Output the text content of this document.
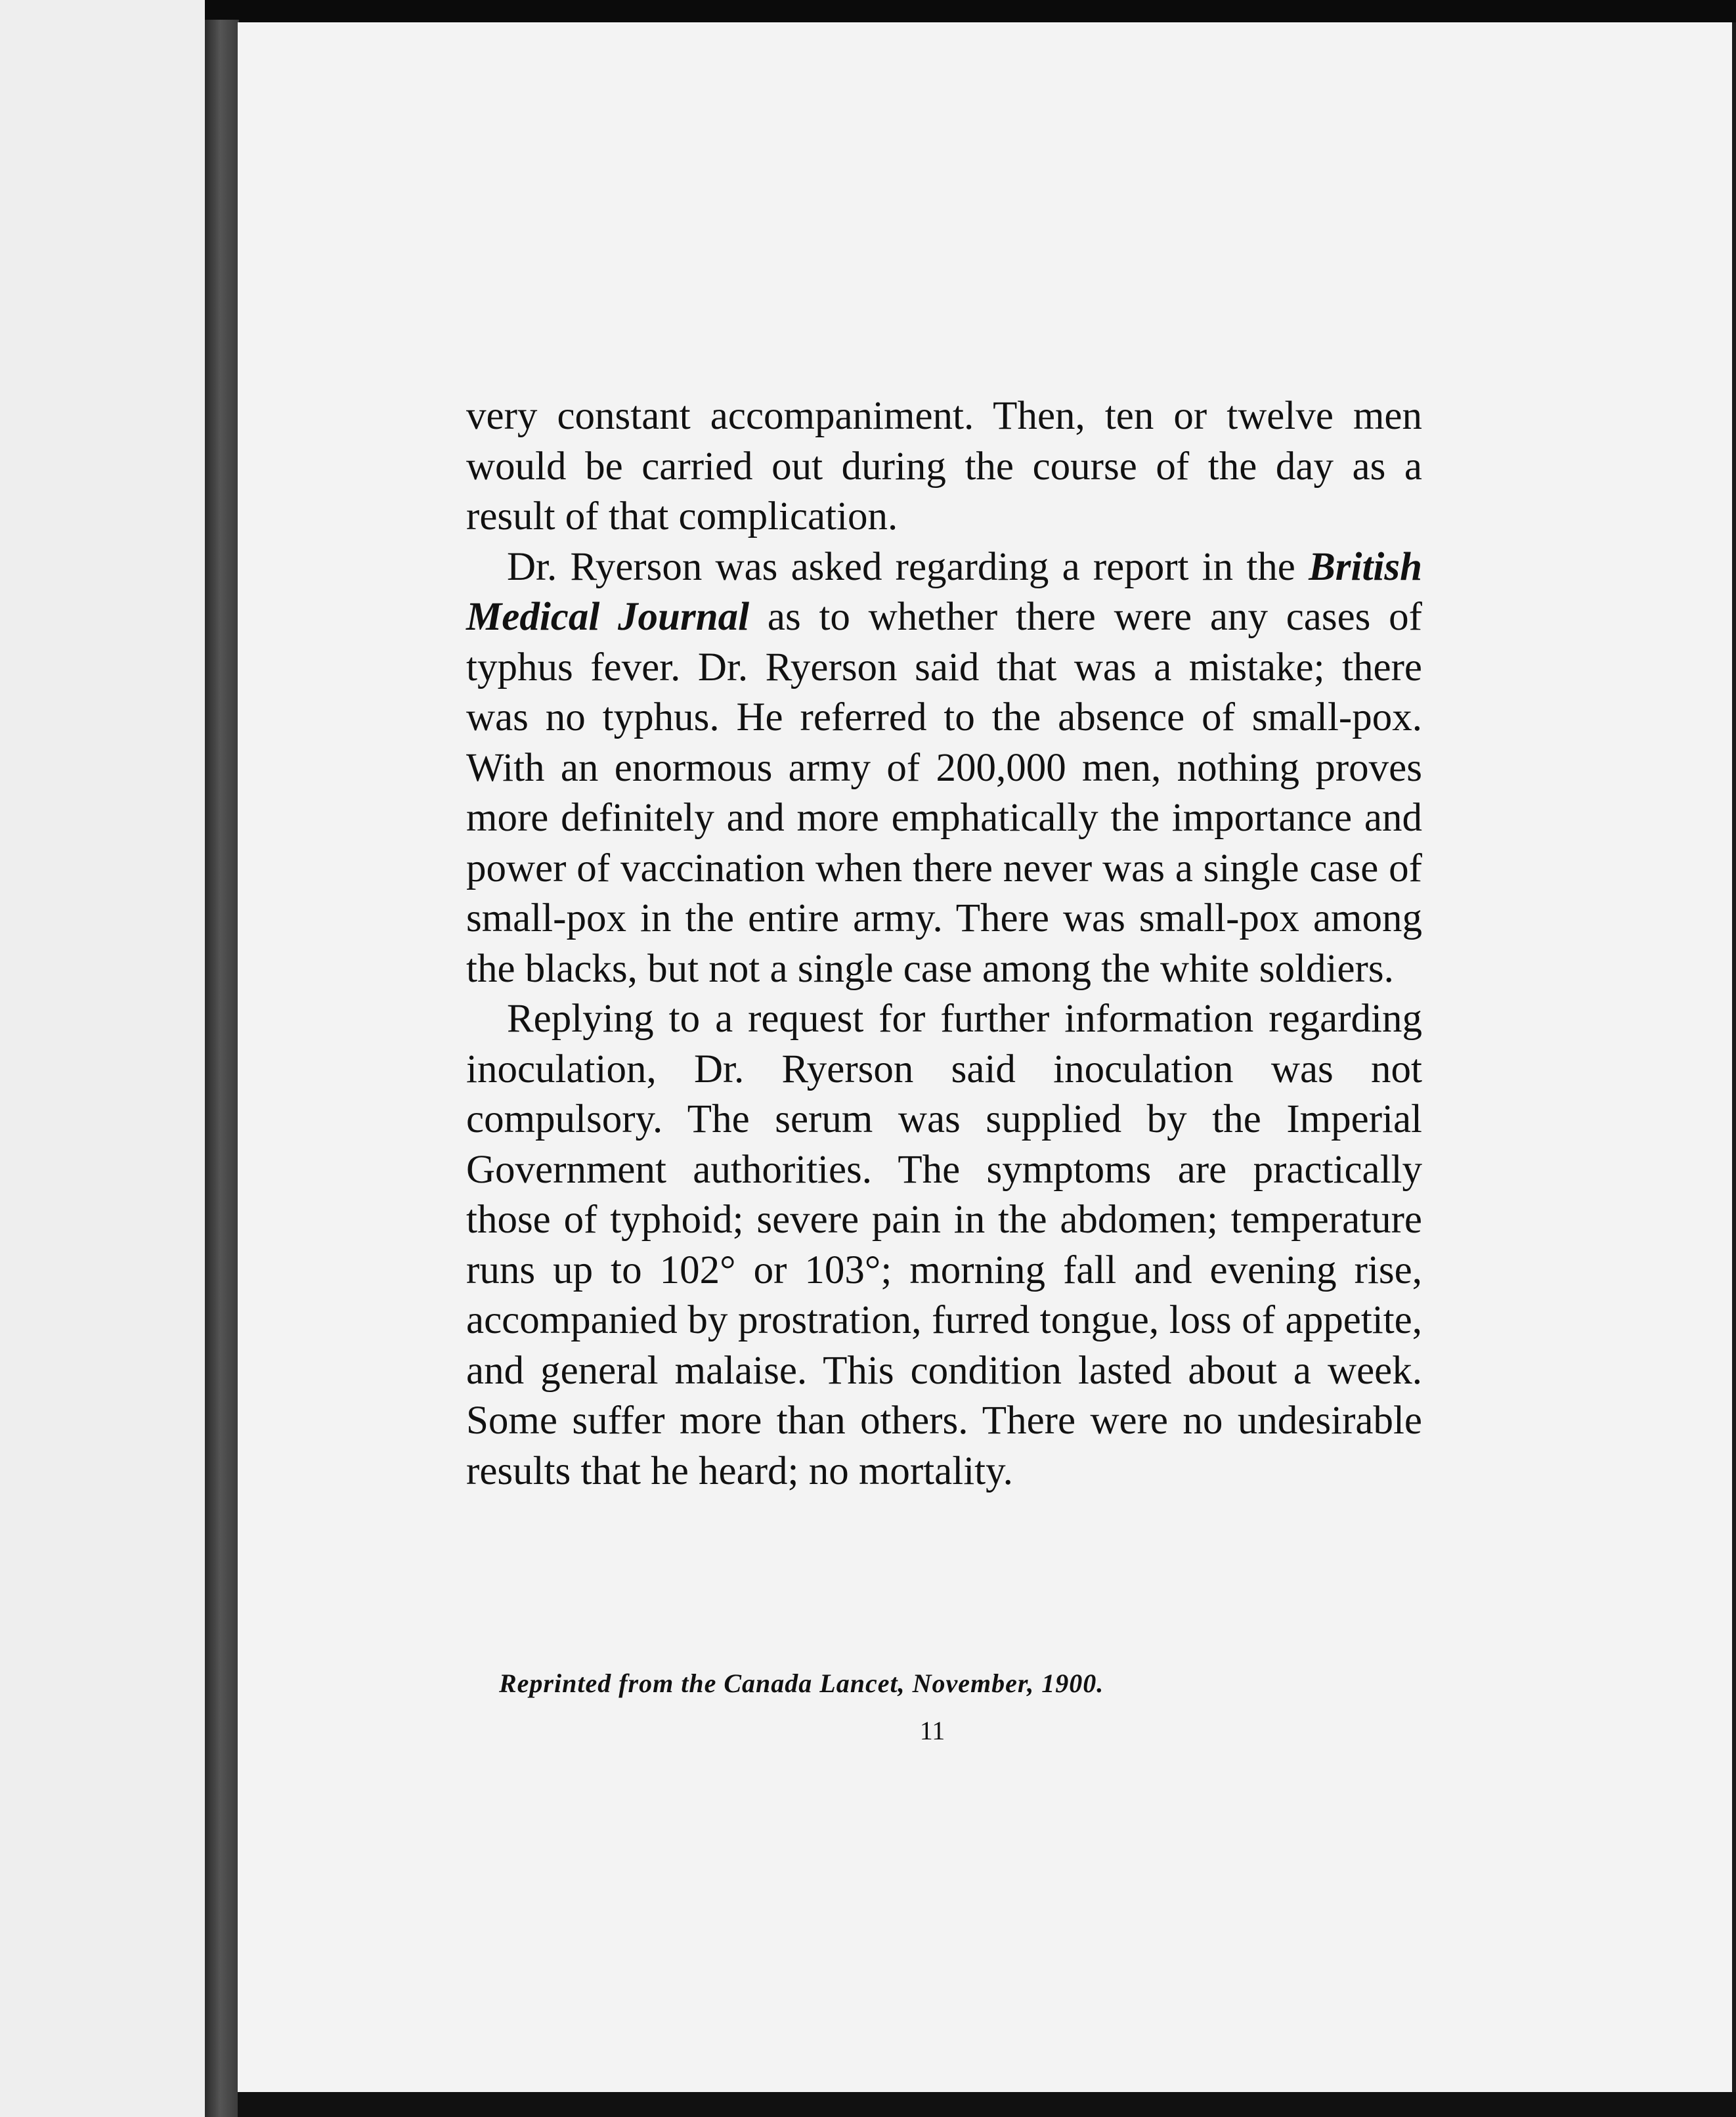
very constant accompaniment. Then, ten or twelve men would be carried out during the course of the day as a result of that complication.

Dr. Ryerson was asked regarding a report in the British Medical Journal as to whether there were any cases of typhus fever. Dr. Ryerson said that was a mistake; there was no typhus. He referred to the absence of small-pox. With an enormous army of 200,000 men, nothing proves more definitely and more emphatically the importance and power of vaccination when there never was a single case of small-pox in the entire army. There was small-pox among the blacks, but not a single case among the white soldiers.

Replying to a request for further information regarding inoculation, Dr. Ryerson said inoculation was not compulsory. The serum was supplied by the Imperial Government authorities. The symptoms are practically those of typhoid; severe pain in the abdomen; temperature runs up to 102° or 103°; morning fall and evening rise, accompanied by prostration, furred tongue, loss of appetite, and general malaise. This condition lasted about a week. Some suffer more than others. There were no undesirable results that he heard; no mortality.

Reprinted from the Canada Lancet, November, 1900.
11
